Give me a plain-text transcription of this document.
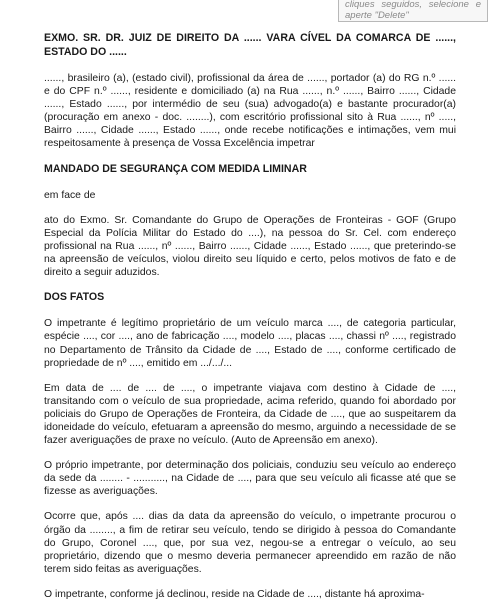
cliques seguidos, selecione e
aperte "Delete"
EXMO. SR. DR. JUIZ DE DIREITO DA ...... VARA CÍVEL DA COMARCA DE ......, ESTADO DO ......

......, brasileiro (a), (estado civil), profissional da área de ......, portador (a) do RG n.º ...... e do CPF n.º ......, residente e domiciliado (a) na Rua ......, n.º ......, Bairro ......, Cidade ......, Estado ......, por intermédio de seu (sua) advogado(a) e bastante procurador(a) (procuração em anexo - doc. ........), com escritório profissional sito à Rua ......, nº ....., Bairro ......, Cidade ......, Estado ......, onde recebe notificações e intimações, vem mui respeitosamente à presença de Vossa Excelência impetrar

MANDADO DE SEGURANÇA COM MEDIDA LIMINAR

em face de

ato do Exmo. Sr. Comandante do Grupo de Operações de Fronteiras - GOF (Grupo Especial da Polícia Militar do Estado do ....), na pessoa do Sr. Cel. com endereço profissional na Rua ......, nº ......, Bairro ......, Cidade ......, Estado ......, que preterindo-se na apreensão de veículos, violou direito seu líquido e certo, pelos motivos de fato e de direito a seguir aduzidos.

DOS FATOS

O impetrante é legítimo proprietário de um veículo marca ...., de categoria particular, espécie ...., cor ...., ano de fabricação ...., modelo ...., placas ...., chassi nº ...., registrado no Departamento de Trânsito da Cidade de ...., Estado de ...., conforme certificado de propriedade de nº ...., emitido em .../.../...

Em data de .... de .... de ...., o impetrante viajava com destino à Cidade de ...., transitando com o veículo de sua propriedade, acima referido, quando foi abordado por policiais do Grupo de Operações de Fronteira, da Cidade de ...., que ao suspeitarem da idoneidade do veículo, efetuaram a apreensão do mesmo, arguindo a necessidade de se fazer averiguações de praxe no veículo. (Auto de Apreensão em anexo).

O próprio impetrante, por determinação dos policiais, conduziu seu veículo ao endereço da sede da ........ - ..........., na Cidade de ...., para que seu veículo ali ficasse até que se fizesse as averiguações.

Ocorre que, após .... dias da data da apreensão do veículo, o impetrante procurou o órgão da ........, a fim de retirar seu veículo, tendo se dirigido à pessoa do Comandante do Grupo, Coronel ...., que, por sua vez, negou-se a entregar o veículo, ao seu proprietário, dizendo que o mesmo deveria permanecer apreendido em razão de não terem sido feitas as averiguações.

O impetrante, conforme já declinou, reside na Cidade de ...., distante há aproxima-
